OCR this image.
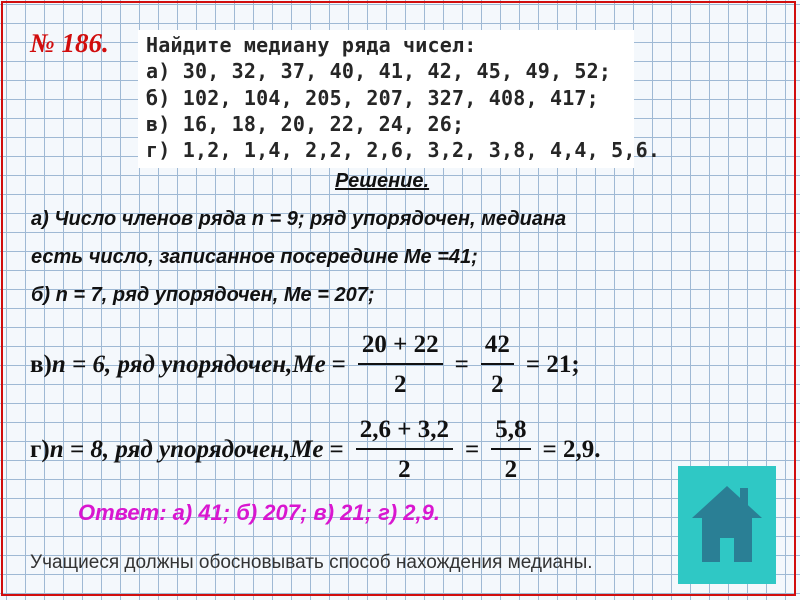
№ 186. Найдите медиану ряда чисел:
а) 30, 32, 37, 40, 41, 42, 45, 49, 52;
б) 102, 104, 205, 207, 327, 408, 417;
в) 16, 18, 20, 22, 24, 26;
г) 1,2, 1,4, 2,2, 2,6, 3,2, 3,8, 4,4, 5,6.
Решение.
а) Число членов ряда n = 9; ряд упорядочен, медиана
есть число, записанное посередине Ме =41;
б) n = 7, ряд упорядочен, Ме = 207;
в) n = 6 , ряд упорядочен, $Me = \frac{20 + 22}{2} = \frac{42}{2} = 21$;
г) n = 8 , ряд упорядочен, $Me = \frac{2,6 + 3,2}{2} = \frac{5,8}{2} = 2,9$.
Ответ: а) 41; б) 207; в) 21; г) 2,9.
Учащиеся должны обосновывать способ нахождения медианы.
